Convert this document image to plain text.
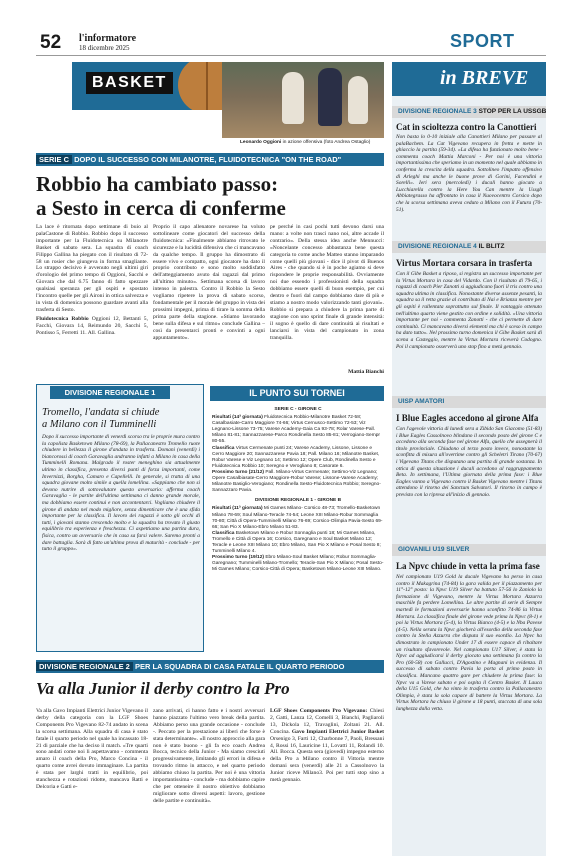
52 l'informatore
18 dicembre 2025	SPORT
BASKET
Leonardo Oggioni in azione offensiva (foto Andrea Ostaglio)
SERIE C DOPO IL SUCCESSO CON MILANOTRE, FLUIDOTECNICA "ON THE ROAD"
Robbio ha cambiato passo:
a Sesto in cerca di conferme
La lace è ritornata dopo settimane di buio al palaCastone di Robbio. Robbio dopo il successo importante per la Fluidotecnica su Milanotre Basket di sabato sera. La squadra di coach Filippo Gallina ha piegato con il risultato di 72-58 un rosier che giungeva in forma smagliante. Lo strappo decisivo è avvenuto negli ultimi giri d'orologio del primo tempo di Oggioni, Sacchi e Giovara che dal 6.75 fanno di fatto spezzare qualsiasi speranza per gli ospiti e spostato l'incontro quelle per gli Aironi in ottica salvezza e in vista di domenica possono guardare avanti alla trasferta di Sesto.
Fluidotecnica Robbio Oggioni 12, Bettanti 5, Facchi, Giovara 14, Reimundo 20, Sacchi 5, Pontisso 5, Ferretti 11. All. Gallina.
Proprio il capo allenatore novarese ha voluto sottolineare come giocatori del successo della fluidotecnica: «Finalmente abbiamo ritrovato le sicurezze e la lucidità difensiva che ci mancavano da qualche tempo. Il gruppo ha dimostrato di essere vivo e compatto, ogni giocatore ha dato il proprio contributo e sono molto soddisfatto dell'atteggiamento avuto dai ragazzi dal primo all'ultimo minuto». Settimana scorsa di lavoro intenso in palestra. Contro il Robbio la Sesto vogliamo ripetere la prova di sabato scorso, fondamentale per il morale del gruppo in vista dei prossimi impegni, prima di tirare la somma della prima parte della stagione. «Stiamo lavorando bene sulla difesa e sul ritmo» conclude Gallina – così da presentarci pronti e convinti a ogni appuntamento».
pe perché in casi pochi tutti devono darsi una mano: a volte non trasci nano noi, altre accade il contrario». Della stessa idea anche Mennucci: «Noncelante concesso abbastanza bene questa categoria to come anche Matteo stanno imparando come quelli più giovani - dice il pivot di Buenos Aires - che quando si è in poche agiamo si deve rispondere le proprie responsabilità. Ovviamente noi due essendo i professionisti della squadra dobbiamo essere quelli di buon esempio, per cui dentro e fuori dal campo dobbiamo dare di più e stiamo a nostro modo valorizzando tanti giovani». Robbio si prepara a chiudere la prima parte di stagione con uno sprint finale di grande intensità: il sogno è quello di dare continuità ai risultati e lanciarsi in vista del campionato in zona tranquilla.
Mattia Bianchi
DIVISIONE REGIONALE 1
Tromello, l'andata si chiude
a Milano con il Tumminelli
Dopo il successo importante di venerdì scorso tra le proprie mura contro la capolista Basketown Milano (78-69), la Pallacanestro Tromello ruote chiudere in bellezza il girone d'andata in trasferta. Domani (venerdì) i biancorossi di coach Garavaglia andranno infatti a Milano in casa della Tumminelli Romana. Malgrado il roster meneghino sia attualmente ultimo in classifica, presenta diversi punti di forza importanti, come Invernizzi, Borgha, Camaro e Capellelli. In generale, si tratta di una squadra giovane molto simile a quella lomellina. «Sappiamo che non si devono nutrire di sottovalutare questo avversario: afferma coach Garavaglia - le partite dell'ultima settimana ci danno grande morale, ma dobbiamo essere continui e non accontentarci. Vogliamo chiudere il girone di andata nel modo migliore, senza dimenticare che è una sfida importante per la classifica. Il lavoro dei ragazzi è sotto gli occhi di tutti, i giovani stanno crescendo molto e la squadra ha trovato il giusto equilibrio tra esperienza e freschezza. Ci aspettiamo una partita dura, fisica, contro un avversario che in casa sa farsi valere. Saremo pronti a dare battaglia. Sarà di fatto un'ultima prova di maturità - conclude - per tutto il gruppo».
IL PUNTO SUI TORNEI
SERIE C - GIRONE C
Risultati (14ª giornata) Fluidotecnica Robbio-Milanotre Basket 72-58; Casalbasiate-Carro Maggiore 74-66; Virtus Cernusco-Settimo 72-53; Viz Legnano-Lissone 73-75; Varese Academy-Gaia Ca 93-78; Rolar Varese-Pall. Milano 81-81; Sannazzarese-Parco Rondinella Sesto 85-81; Verrogiano-Sempr 80-55.
Classifica Virtus Cermenate punti 24; Varese Academy, Lissone, Lissone e Cerro Maggiore 20; Sannazzarese Pavia 18; Pall. Milano 16; Milanotre Basket, Robur Varese e Viz Legnano 14; Settimo 12; Opere Club, Rondinella Sesto e Fluidotecnica Robbio 10; Seregno e Verogliano 8; Casorate 6.
Prossimo turno (21/12) Pall. Milano-Virtus Cermenate; Settimo-Viz Legnano; Opere Casalbiasate-Cerro Maggiore-Robur Varese; Lissone-Varese Academy; Milanotre Basiglio-Verogiano; Rondinella Sesto-Fluidotecnica Robbio; Seregno-Sannazzaro Pavia.
DIVISIONE REGIONALE 1 - GIRONE B
Risultati (11ª giornata) Mi Games Milano- Corsico 48-73; Tromello-Basketown Milano 78-69; Soul Milano-Teracle 74-54; Leone XIII Milano-Robur Sommaglia 70-80; Città di Opera-Tumminelli Milano 76-69; Corsico-Olimpia Pavia-Sesto 69-66; San Pio X Milano-Ebro Milano 51-83.
Classifica Basketown Milano e Robur Sonnaglia punti 18; Mi Games Milano, Tromello e Città di Opera 16; Corsico, Garegnano e Soul Basket Milano 12; Teracle e Leone XIII Milano 10; Ebro Milano, San Pio X Milano e Posal Sesto 8; Tumminelli Milano 4.
Prossimo turno (19/12) Ebro Milano-Soul Basket Milano; Robur Sommaglia-Garegnano; Tumminelli Milano-Tromello; Teracle-San Pio X Milano; Posal Sesto-Mi Games Milano; Corsico-Città di Opera; Basketown Milano-Leone XIII Milano.
DIVISIONE REGIONALE 2 PER LA SQUADRA DI CASA FATALE IL QUARTO PERIODO
Va alla Junior il derby contro la Pro
Va alla Gavo Impianti Elettrici Junior Vigevano il derby della categoria con la LGF Shoes Components Pro Vigevano 82-74 andato in scena la scorsa settimana. Alla squadra di casa è stato fatale il quarto periodo nel quale ha incassato 18-21 di parziale che ha deciso il match. «Tre quarti sono andati come noi li aspettavamo - commenta amaro il coach della Pro, Marco Concina - il quarto come avrei dovuto immaginare. La partita è stata per larghi tratti in equilibrio, poi stanchezza e rotazioni ridotte, mancava Ratti e Delcoria e Gatti e-
zano arrivati, ci hanno fatto e i nostri avversari hanno piazzato l'ultimo vero break della partita. Abbiamo perso una grande occasione - conclude -. Peccato per la prestazione ai liberi che forse è stata determinante». «Il nostro approccio alla gara non è stato buono - gli fa eco coach Andrea Bocca, tecnico della Junior - Ma siamo cresciuti progressivamente, limitando gli errori in difesa e trovando ritmo in attacco, e nel quarto periodo abbiamo chiuso la partita. Per noi è una vittoria importantissima - conclude - ma dobbiamo capire che per otteneire il nostro obiettivo dobbiamo migliorare sotto diversi aspetti: lavoro, gestione delle partite e continuità».
LGF Shoes Components Pro Vigevano: Chiesi 2, Gatti, Lanza 12, Comelli 3, Bianchi, Pagliaroli 13, Dickola 12, Travaglini, Zoltani 21. All. Concina. Gavo Impianti Elettrici Junior Basket Orsenigo 3, Farti 12, Charbonne 7, Paoli, Bressani 4, Rossi 16, Lauricine 11, Lovatti 11, Rolandi 10. All. Bocca. Questa sera (giovedì) impegno esterno della Pro a Milano contro il Vittoria mentre domani sera (venerdì) alle 21 a Cassolnovo la Junior riceve Milano3. Poi per tutti stop sino a metà gennaio.
in BREVE
DIVISIONE REGIONALE 3 STOP PER LA USSGB
Cat in scioltezza contro la Canottieri
Non basta lo 0-10 iniziale alla Canottieri Milano per passare al palaBachem. La Cat Vigevano recupera in fretta e mette in ghiaccio la partita (59-34). «La difesa ha funzionato molto bene - commenta coach Mattia Marconi - Per noi è una vittoria importantissima che speriamo in un momento nel quale abbiamo in conferma la crescita della squadra. Sottolineo l'impatto offensivo di Arleghi ma anche le buone prove di Gorini, Facendini e Sorelli». Ieri sera (mercoledì) i ducali hanno giocato a Lucchiarella contro la Here You Can mentre la Ussgb Abbiategrasso ha affrontato in casa il Nuovocentro Corsico dopo che la scorsa settimana aveva ceduto a Milano con il Futura (70-51).
DIVISIONE REGIONALE 4 IL BLITZ
Virtus Mortara corsara in trasferta
Con il Gibe Basket a riposo, si registra un successo importante per la Virtus Mortara in casa del Vidardo. Con il risultato di 79-65, i ragazzi di coach Pier Zanotti si aggiudicano fuori il tris contro una squadra ultima in classifica. Nonostante diverse assenze pesanti, la squadra sa il retta grazie al contributo di Nai e Brianza mentre per gli ospiti è rallentata soprattutto sul finale. Il vantaggio ottenuto nell'ultimo quarto viene gestito con ordine e solidità. «Una vittoria importante per noi - commenta Zanotti - che ci permette di dare continuità. Ci mancavano diversi elementi ma chi è sceso in campo ha dato tutto». Nel prossimo turno domenica il Gibe Basket sarà di scena a Casteggio, mentre la Virtus Mortara riceverà Codogno. Poi il campionato osserverà uno stop fino a metà gennaio.
UISP AMATORI
I Blue Eagles accedono al girone Alfa
Con l'agevole vittoria di lunedì sera a Zibido San Giacomo (51-83) i Blue Eagles Cassolnovo blindano il secondo posto del girone C e accedono alla seconda fase nel girone Alfa, quello che assegnerà il titolo provinciale. Chiudono al terzo posto invece, nonostante la sconfitta di misura all'overtime contro gli Scheletri Tirano (70-67) i Vigevano Titans che disputano una partita di grande sostanza. In ottica di questa situazione i ducali accedono al raggruppamento Beta. In settimana, l'Ultima giornata della prima fase: i Blue Eagles vanno a Vigevano contro il Basket Vigevano mentre i Titans attendono il ritorno dei Sanctum Salvatori. Il ritorno in campo è previsto con la ripresa all'inizio di gennaio.
GIOVANILI U19 SILVER
La Npvc chiude in vetta la prima fase
Nel campionato U19 Gold la ducale Vigevano ha perso in casa contro il Makagrina (74-84) la gara valida per il piazzamento per 11°-12° posto: la Npvc U19 Silver ha battuto 57-56 lo Zaniolo la formazione di Vigevano, mentre la Virtus Mortara Azzurra maschile fa perdere Lomellina. Le altre partite di serie di Sempre martedì le formazioni avversarie hanno sconfitto 74-86 la Virtus Mortara. La classifica finale del girone vede prima la Npvc (8-1) e poi la Virtus Mortara (5-4), la Virtus Bianco (4-5) e la Nba Pavese (4-5). Nella serata la Npvc giocherà all'esordio della seconda fase contro la Stella Azzurra che disputa il suo esordio. La Npvc ha dimostrato in campionato Under 17 di essere capace di ribaltare un risultato sfavorevole. Nel campionato U17 Silver, è stata la Npvc ad aggiudicarsi il derby giocato una settimana fa contro la Pro (60-58) con Gallucci, D'Agostino e Magnani in evidenza. Il successo di sabato contro Pavia la porta al primo posto in classifica. Mancano quattro gare per chiudere la prima fase: la Npvc va a Varese sabato e poi ospita il Centro Basket. Il Lauca della U15 Gold, che ha vinto in trasferta contro la Pallacanestro Olimpia, è stata la sola capace di battere la Virtus Mortara. La Virtus Mortara ha chiuso il girone a 18 punti, staccata di una sola lunghezza dalla vetta.
